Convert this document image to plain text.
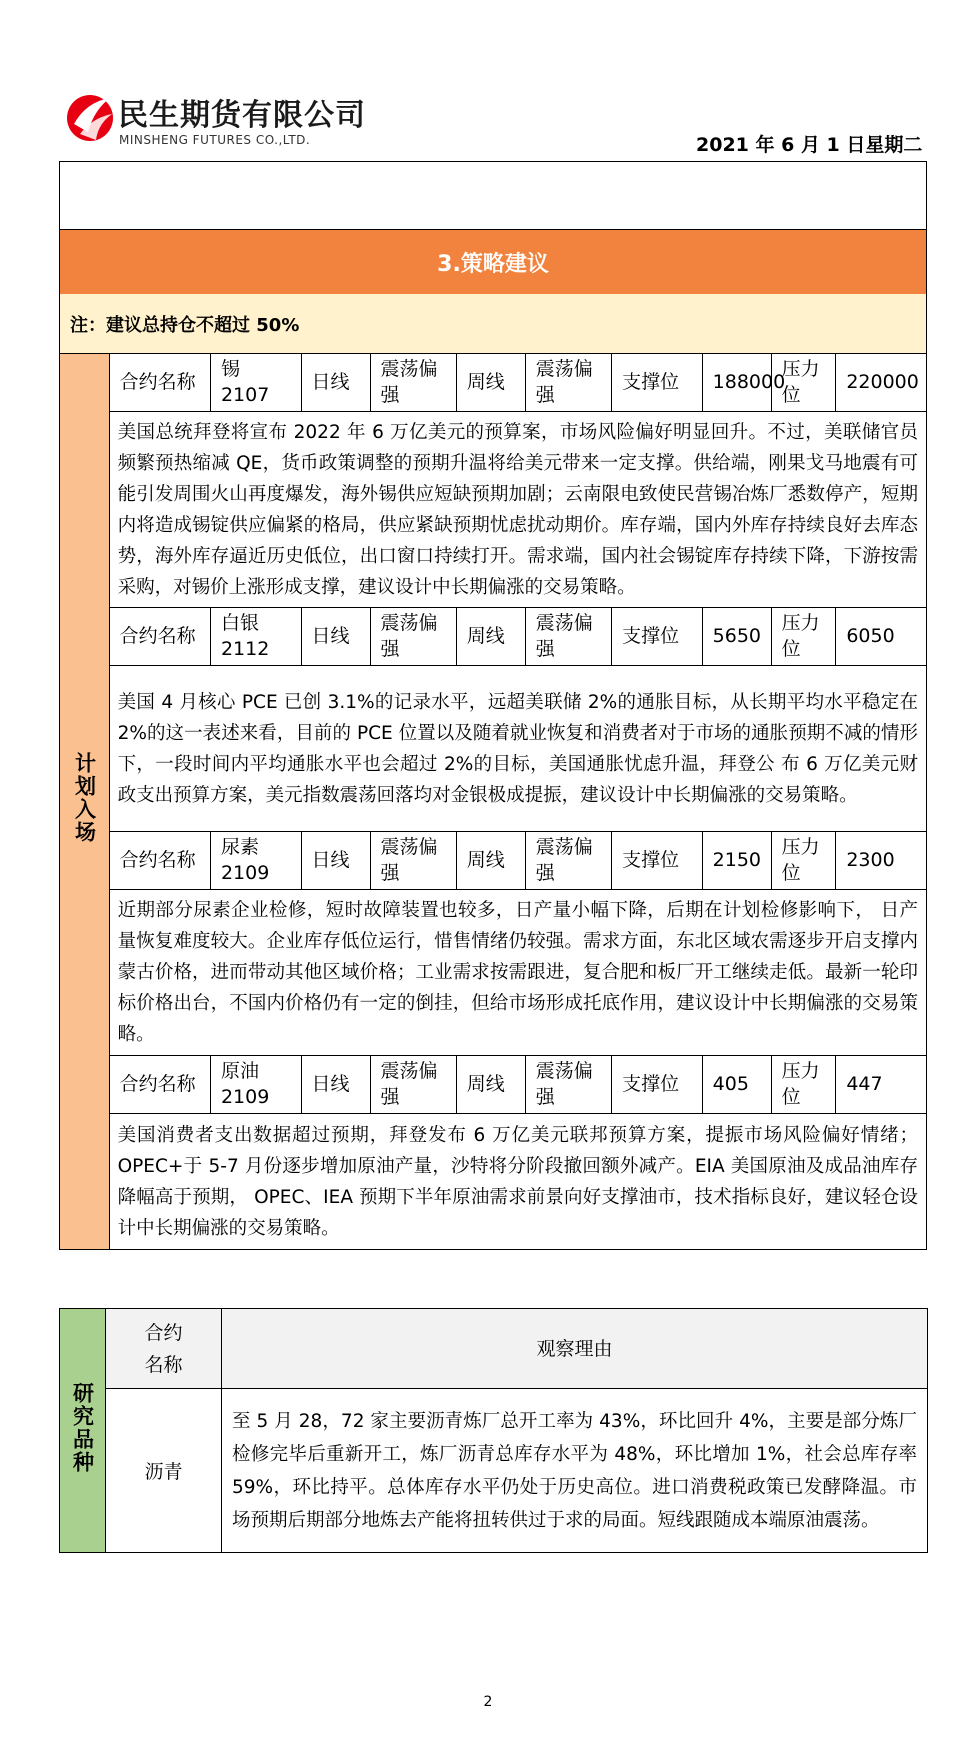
民生期货有限公司
MINSHENG FUTURES CO.,LTD.	2021 年 6 月 1 日星期二
3.策略建议
注：建议总持仓不超过 50%
计划入场	合约名称	锡 2107	日线	震荡偏强	周线	震荡偏强	支撑位	188000	压力位	220000
	美国总统拜登将宣布 2022 年 6 万亿美元的预算案，市场风险偏好明显回升。不过，美联储官员频繁预热缩减 QE，货币政策调整的预期升温将给美元带来一定支撑。供给端，刚果戈马地震有可能引发周围火山再度爆发，海外锡供应短缺预期加剧；云南限电致使民营锡冶炼厂悉数停产，短期内将造成锡锭供应偏紧的格局，供应紧缺预期忧虑扰动期价。库存端，国内外库存持续良好去库态势，海外库存逼近历史低位，出口窗口持续打开。需求端，国内社会锡锭库存持续下降，下游按需采购，对锡价上涨形成支撑，建议设计中长期偏涨的交易策略。									
	合约名称	白银 2112	日线	震荡偏强	周线	震荡偏强	支撑位	5650	压力位	6050
	美国 4 月核心 PCE 已创 3.1%的记录水平，远超美联储 2%的通胀目标，从长期平均水平稳定在 2%的这一表述来看，目前的 PCE 位置以及随着就业恢复和消费者对于市场的通胀预期不减的情形下，一段时间内平均通胀水平也会超过 2%的目标，美国通胀忧虑升温，拜登公 布 6 万亿美元财政支出预算方案，美元指数震荡回落均对金银极成提振，建议设计中长期偏涨的交易策略。									
	合约名称	尿素 2109	日线	震荡偏强	周线	震荡偏强	支撑位	2150	压力位	2300
	近期部分尿素企业检修，短时故障装置也较多，日产量小幅下降，后期在计划检修影响下， 日产量恢复难度较大。企业库存低位运行，惜售情绪仍较强。需求方面，东北区域农需逐步开启支撑内蒙古价格，进而带动其他区域价格；工业需求按需跟进，复合肥和板厂开工继续走低。最新一轮印标价格出台，不国内价格仍有一定的倒挂，但给市场形成托底作用，建议设计中长期偏涨的交易策略。									
	合约名称	原油 2109	日线	震荡偏强	周线	震荡偏强	支撑位	405	压力位	447
	美国消费者支出数据超过预期，拜登发布 6 万亿美元联邦预算方案，提振市场风险偏好情绪；OPEC+于 5-7 月份逐步增加原油产量，沙特将分阶段撤回额外减产。EIA 美国原油及成品油库存降幅高于预期， OPEC、IEA 预期下半年原油需求前景向好支撑油市，技术指标良好，建议轻仓设计中长期偏涨的交易策略。									
研究品种	合约名称	观察理由
	沥青	至 5 月 28，72 家主要沥青炼厂总开工率为 43%，环比回升 4%，主要是部分炼厂检修完毕后重新开工，炼厂沥青总库存水平为 48%，环比增加 1%，社会总库存率 59%，环比持平。总体库存水平仍处于历史高位。进口消费税政策已发酵降温。市场预期后期部分地炼去产能将扭转供过于求的局面。短线跟随成本端原油震荡。
2
